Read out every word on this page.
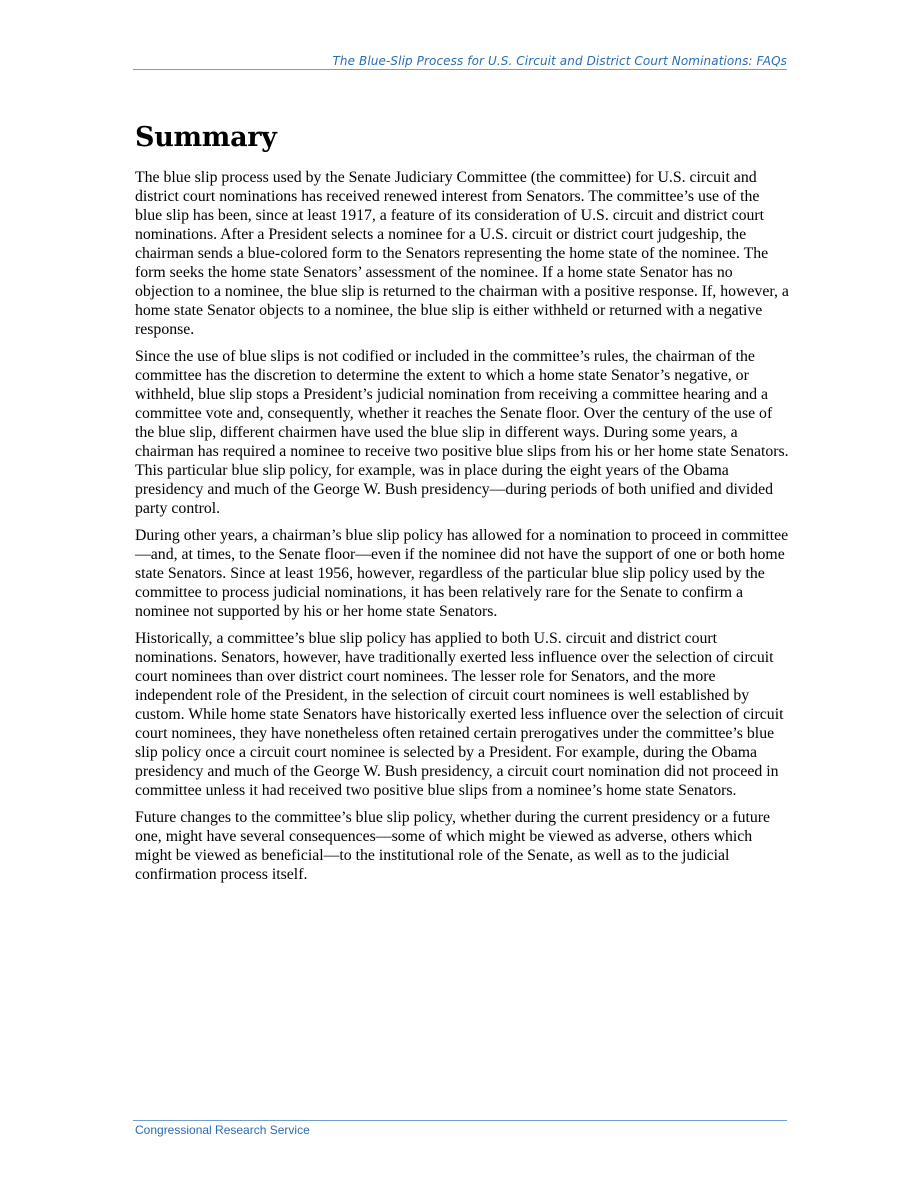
The Blue-Slip Process for U.S. Circuit and District Court Nominations: FAQs
Summary

The blue slip process used by the Senate Judiciary Committee (the committee) for U.S. circuit and district court nominations has received renewed interest from Senators. The committee’s use of the blue slip has been, since at least 1917, a feature of its consideration of U.S. circuit and district court nominations. After a President selects a nominee for a U.S. circuit or district court judgeship, the chairman sends a blue-colored form to the Senators representing the home state of the nominee. The form seeks the home state Senators’ assessment of the nominee. If a home state Senator has no objection to a nominee, the blue slip is returned to the chairman with a positive response. If, however, a home state Senator objects to a nominee, the blue slip is either withheld or returned with a negative response.

Since the use of blue slips is not codified or included in the committee’s rules, the chairman of the committee has the discretion to determine the extent to which a home state Senator’s negative, or withheld, blue slip stops a President’s judicial nomination from receiving a committee hearing and a committee vote and, consequently, whether it reaches the Senate floor. Over the century of the use of the blue slip, different chairmen have used the blue slip in different ways. During some years, a chairman has required a nominee to receive two positive blue slips from his or her home state Senators. This particular blue slip policy, for example, was in place during the eight years of the Obama presidency and much of the George W. Bush presidency—during periods of both unified and divided party control.

During other years, a chairman’s blue slip policy has allowed for a nomination to proceed in committee—and, at times, to the Senate floor—even if the nominee did not have the support of one or both home state Senators. Since at least 1956, however, regardless of the particular blue slip policy used by the committee to process judicial nominations, it has been relatively rare for the Senate to confirm a nominee not supported by his or her home state Senators.

Historically, a committee’s blue slip policy has applied to both U.S. circuit and district court nominations. Senators, however, have traditionally exerted less influence over the selection of circuit court nominees than over district court nominees. The lesser role for Senators, and the more independent role of the President, in the selection of circuit court nominees is well established by custom. While home state Senators have historically exerted less influence over the selection of circuit court nominees, they have nonetheless often retained certain prerogatives under the committee’s blue slip policy once a circuit court nominee is selected by a President. For example, during the Obama presidency and much of the George W. Bush presidency, a circuit court nomination did not proceed in committee unless it had received two positive blue slips from a nominee’s home state Senators.

Future changes to the committee’s blue slip policy, whether during the current presidency or a future one, might have several consequences—some of which might be viewed as adverse, others which might be viewed as beneficial—to the institutional role of the Senate, as well as to the judicial confirmation process itself.

Congressional Research Service
